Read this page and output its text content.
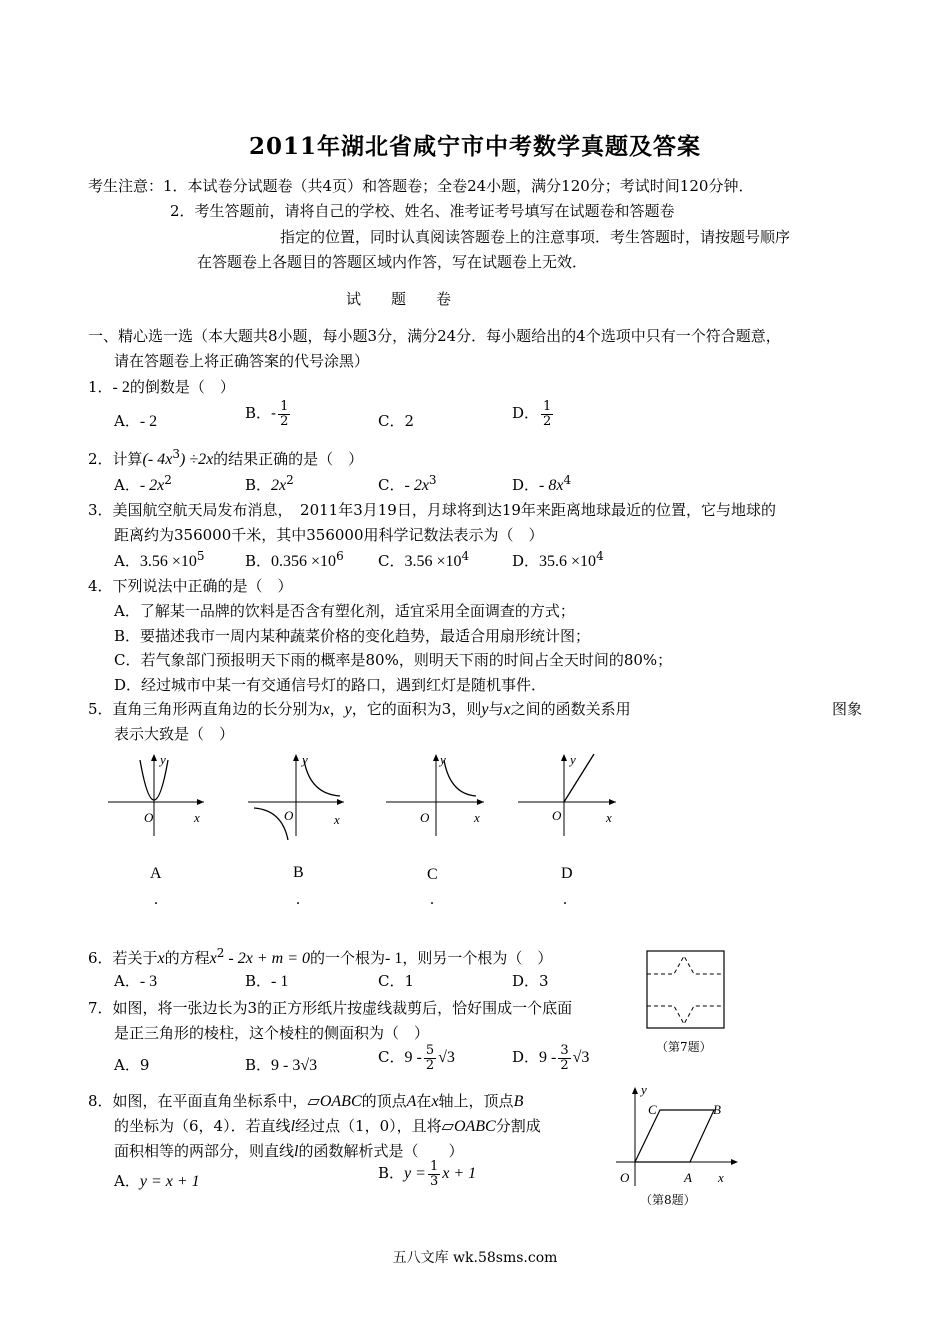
2011年湖北省咸宁市中考数学真题及答案
考生注意：1．本试卷分试题卷（共4页）和答题卷；全卷24小题，满分120分；考试时间120分钟．
2．考生答题前，请将自己的学校、姓名、准考证考号填写在试题卷和答题卷
指定的位置，同时认真阅读答题卷上的注意事项．考生答题时，请按题号顺序
在答题卷上各题目的答题区域内作答，写在试题卷上无效．
试　　题　　卷
一、精心选一选（本大题共8小题，每小题3分，满分24分．每小题给出的4个选项中只有一个符合题意，
请在答题卷上将正确答案的代号涂黑）
1．- 2的倒数是（　）
A．- 2	B．- $\frac{1}{2}$	C．2	D． $\frac{1}{2}$
2．计算(- $4x^3) \div 2x$的结果正确的是（　）
A．- $2x^2$	B．$2x^2$	C．- $2x^3$	D．- $8x^4$
3．美国航空航天局发布消息，　2011年3月19日，月球将到达19年来距离地球最近的位置，它与地球的
距离约为356000千米，其中356000用科学记数法表示为（　）
A．$3.56 \times 10^5$	B．$0.356 \times 10^6$ C．$3.56 \times 10^4$	D．$35.6 \times 10^4$
4．下列说法中正确的是（　）
A．了解某一品牌的饮料是否含有塑化剂，适宜采用全面调查的方式；
B．要描述我市一周内某种蔬菜价格的变化趋势，最适合用扇形统计图；
C．若气象部门预报明天下雨的概率是80%，则明天下雨的时间占全天时间的80%；
D．经过城市中某一有交通信号灯的路口，遇到红灯是随机事件．
5．直角三角形两直角边的长分别为x，y，它的面积为3，则y与x之间的函数关系用	图象
表示大致是（　）
y
x
O
y
x
O
y
x
O
y
x
O
A	B	C	D
.	.	.	.
6．若关于x的方程$x^2 - 2x + m = 0$的一个根为- 1，则另一个根为（　）
A．- 3	B．- 1	C．1	D．3
（第7题）
7．如图，将一张边长为3的正方形纸片按虚线裁剪后，恰好围成一个底面
是正三角形的棱柱，这个棱柱的侧面积为（　）
A．9	B．9 - 3√3	C．$9 - \frac{5}{2} √3$	D．$9 - \frac{3}{2} √3$
8．如图，在平面直角坐标系中，▱OABC的顶点A在x轴上，顶点B
的坐标为（6，4）．若直线l经过点（1，0），且将▱OABC分割成
面积相等的两部分，则直线l的函数解析式是（　　）
A．y = x + 1	B．$y = \frac{1}{3}$ x + 1
y
x
O	A
B
C
（第8题）
五八文库 wk.58sms.com
